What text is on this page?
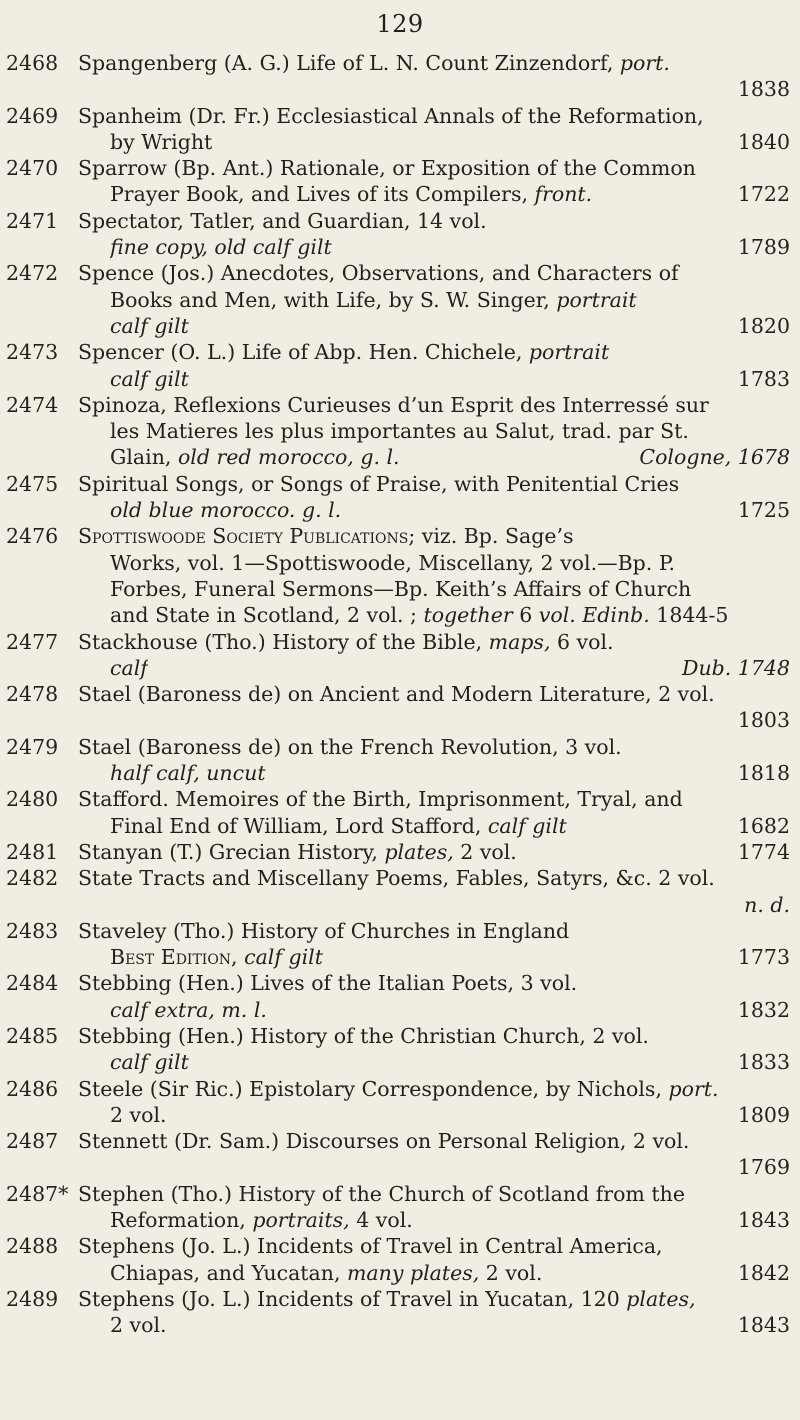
129
2468 Spangenberg (A. G.) Life of L. N. Count Zinzendorf, port.
1838
2469 Spanheim (Dr. Fr.) Ecclesiastical Annals of the Reformation,
by Wright	1840
2470 Sparrow (Bp. Ant.) Rationale, or Exposition of the Common
Prayer Book, and Lives of its Compilers, front.	1722
2471 Spectator, Tatler, and Guardian, 14 vol.
fine copy, old calf gilt	1789
2472 Spence (Jos.) Anecdotes, Observations, and Characters of
Books and Men, with Life, by S. W. Singer, portrait
calf gilt	1820
2473 Spencer (O. L.) Life of Abp. Hen. Chichele, portrait
calf gilt	1783
2474 Spinoza, Reflexions Curieuses d’un Esprit des Interressé sur
les Matieres les plus importantes au Salut, trad. par St.
Glain, old red morocco, g. l.	Cologne, 1678
2475 Spiritual Songs, or Songs of Praise, with Penitential Cries
old blue morocco. g. l.	1725
2476 Spottiswoode Society Publications; viz. Bp. Sage’s
Works, vol. 1—Spottiswoode, Miscellany, 2 vol.—Bp. P.
Forbes, Funeral Sermons—Bp. Keith’s Affairs of Church
and State in Scotland, 2 vol. ; together 6 vol. Edinb. 1844-5
2477 Stackhouse (Tho.) History of the Bible, maps, 6 vol.
calf	Dub. 1748
2478 Stael (Baroness de) on Ancient and Modern Literature, 2 vol.
1803
2479 Stael (Baroness de) on the French Revolution, 3 vol.
half calf, uncut	1818
2480 Stafford. Memoires of the Birth, Imprisonment, Tryal, and
Final End of William, Lord Stafford, calf gilt	1682
2481 Stanyan (T.) Grecian History, plates, 2 vol.	1774
2482 State Tracts and Miscellany Poems, Fables, Satyrs, &c. 2 vol.
n. d.
2483 Staveley (Tho.) History of Churches in England
Best Edition, calf gilt	1773
2484 Stebbing (Hen.) Lives of the Italian Poets, 3 vol.
calf extra, m. l.	1832
2485 Stebbing (Hen.) History of the Christian Church, 2 vol.
calf gilt	1833
2486 Steele (Sir Ric.) Epistolary Correspondence, by Nichols, port.
2 vol.	1809
2487 Stennett (Dr. Sam.) Discourses on Personal Religion, 2 vol.
1769
2487* Stephen (Tho.) History of the Church of Scotland from the
Reformation, portraits, 4 vol.	1843
2488 Stephens (Jo. L.) Incidents of Travel in Central America,
Chiapas, and Yucatan, many plates, 2 vol.	1842
2489 Stephens (Jo. L.) Incidents of Travel in Yucatan, 120 plates,
2 vol.	1843
